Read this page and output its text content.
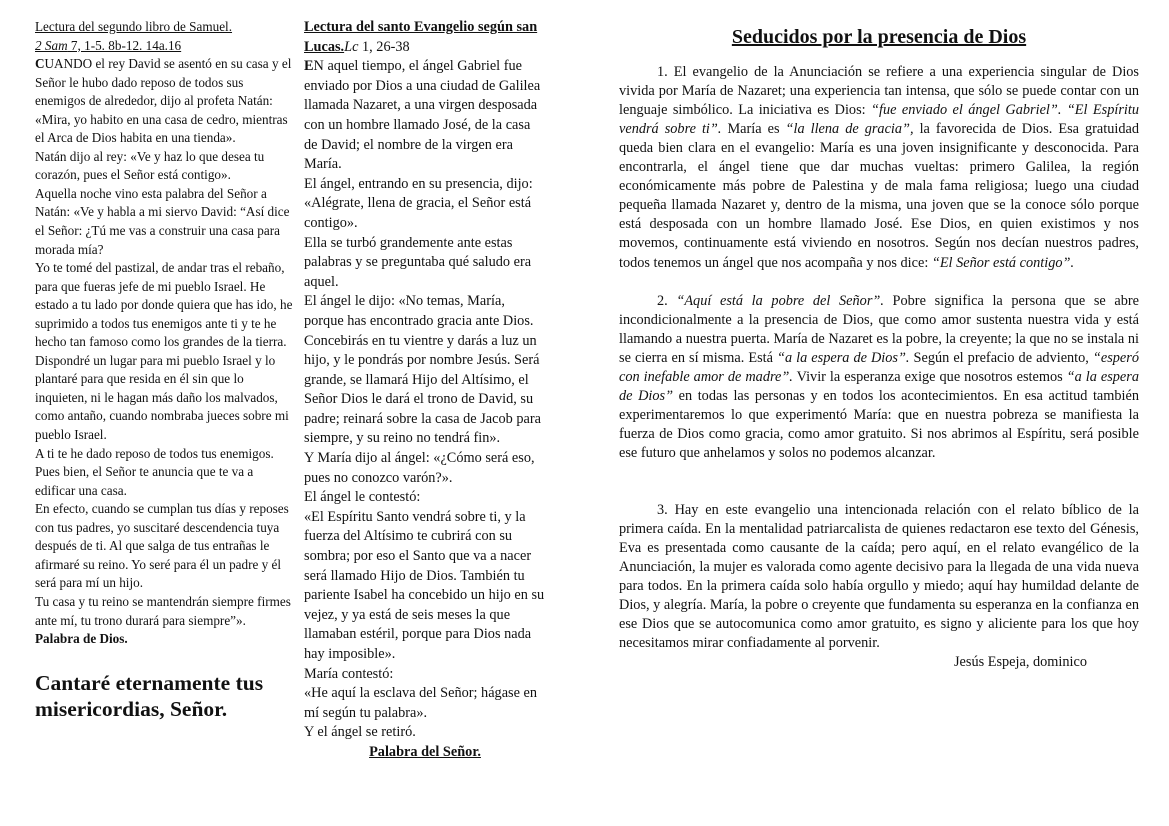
Lectura del segundo libro de Samuel.

2 Sam 7, 1-5. 8b-12. 14a.16

CUANDO el rey David se asentó en su casa y el Señor le hubo dado reposo de todos sus enemigos de alrededor, dijo al profeta Natán:

«Mira, yo habito en una casa de cedro, mientras el Arca de Dios habita en una tienda».

Natán dijo al rey: «Ve y haz lo que desea tu corazón, pues el Señor está contigo».

Aquella noche vino esta palabra del Señor a Natán: «Ve y habla a mi siervo David: “Así dice el Señor: ¿Tú me vas a construir una casa para morada mía?

Yo te tomé del pastizal, de andar tras el rebaño, para que fueras jefe de mi pueblo Israel. He estado a tu lado por donde quiera que has ido, he suprimido a todos tus enemigos ante ti y te he hecho tan famoso como los grandes de la tierra. Dispondré un lugar para mi pueblo Israel y lo plantaré para que resida en él sin que lo inquieten, ni le hagan más daño los malvados, como antaño, cuando nombraba jueces sobre mi pueblo Israel.

A ti te he dado reposo de todos tus enemigos. Pues bien, el Señor te anuncia que te va a edificar una casa.

En efecto, cuando se cumplan tus días y reposes con tus padres, yo suscitaré descendencia tuya después de ti. Al que salga de tus entrañas le afirmaré su reino. Yo seré para él un padre y él será para mí un hijo.

Tu casa y tu reino se mantendrán siempre firmes ante mí, tu trono durará para siempre”».

Palabra de Dios.

Cantaré eternamente tus misericordias, Señor.

Lectura del santo Evangelio según san Lucas.Lc 1, 26-38

EN aquel tiempo, el ángel Gabriel fue enviado por Dios a una ciudad de Galilea llamada Nazaret, a una virgen desposada con un hombre llamado José, de la casa de David; el nombre de la virgen era María.

El ángel, entrando en su presencia, dijo: «Alégrate, llena de gracia, el Señor está contigo».

Ella se turbó grandemente ante estas palabras y se preguntaba qué saludo era aquel.

El ángel le dijo: «No temas, María, porque has encontrado gracia ante Dios. Concebirás en tu vientre y darás a luz un hijo, y le pondrás por nombre Jesús. Será grande, se llamará Hijo del Altísimo, el Señor Dios le dará el trono de David, su padre; reinará sobre la casa de Jacob para siempre, y su reino no tendrá fin».

Y María dijo al ángel: «¿Cómo será eso, pues no conozco varón?».

El ángel le contestó:

«El Espíritu Santo vendrá sobre ti, y la fuerza del Altísimo te cubrirá con su sombra; por eso el Santo que va a nacer será llamado Hijo de Dios. También tu pariente Isabel ha concebido un hijo en su vejez, y ya está de seis meses la que llamaban estéril, porque para Dios nada hay imposible».

María contestó:

«He aquí la esclava del Señor; hágase en mí según tu palabra».

Y el ángel se retiró.

Palabra del Señor.

Seducidos por la presencia de Dios

1. El evangelio de la Anunciación se refiere a una experiencia singular de Dios vivida por María de Nazaret; una experiencia tan intensa, que sólo se puede contar con un lenguaje simbólico. La iniciativa es Dios: “fue enviado el ángel Gabriel”. “El Espíritu vendrá sobre ti”. María es “la llena de gracia”, la favorecida de Dios. Esa gratuidad queda bien clara en el evangelio: María es una joven insignificante y desconocida. Para encontrarla, el ángel tiene que dar muchas vueltas: primero Galilea, la región económicamente más pobre de Palestina y de mala fama religiosa; luego una ciudad pequeña llamada Nazaret y, dentro de la misma, una joven que se la conoce sólo porque está desposada con un hombre llamado José. Ese Dios, en quien existimos y nos movemos, continuamente está viviendo en nosotros. Según nos decían nuestros padres, todos tenemos un ángel que nos acompaña y nos dice: “El Señor está contigo”.

2. “Aquí está la pobre del Señor”. Pobre significa la persona que se abre incondicionalmente a la presencia de Dios, que como amor sustenta nuestra vida y está llamando a nuestra puerta. María de Nazaret es la pobre, la creyente; la que no se instala ni se cierra en sí misma. Está “a la espera de Dios”. Según el prefacio de adviento, “esperó con inefable amor de madre”. Vivir la esperanza exige que nosotros estemos “a la espera de Dios” en todas las personas y en todos los acontecimientos. En esa actitud también experimentaremos lo que experimentó María: que en nuestra pobreza se manifiesta la fuerza de Dios como gracia, como amor gratuito. Si nos abrimos al Espíritu, será posible ese futuro que anhelamos y solos no podemos alcanzar.

3. Hay en este evangelio una intencionada relación con el relato bíblico de la primera caída. En la mentalidad patriarcalista de quienes redactaron ese texto del Génesis, Eva es presentada como causante de la caída; pero aquí, en el relato evangélico de la Anunciación, la mujer es valorada como agente decisivo para la llegada de una vida nueva para todos. En la primera caída solo había orgullo y miedo; aquí hay humildad delante de Dios, y alegría. María, la pobre o creyente que fundamenta su esperanza en la confianza en ese Dios que se autocomunica como amor gratuito, es signo y aliciente para los que hoy necesitamos mirar confiadamente al porvenir.

Jesús Espeja, dominico
